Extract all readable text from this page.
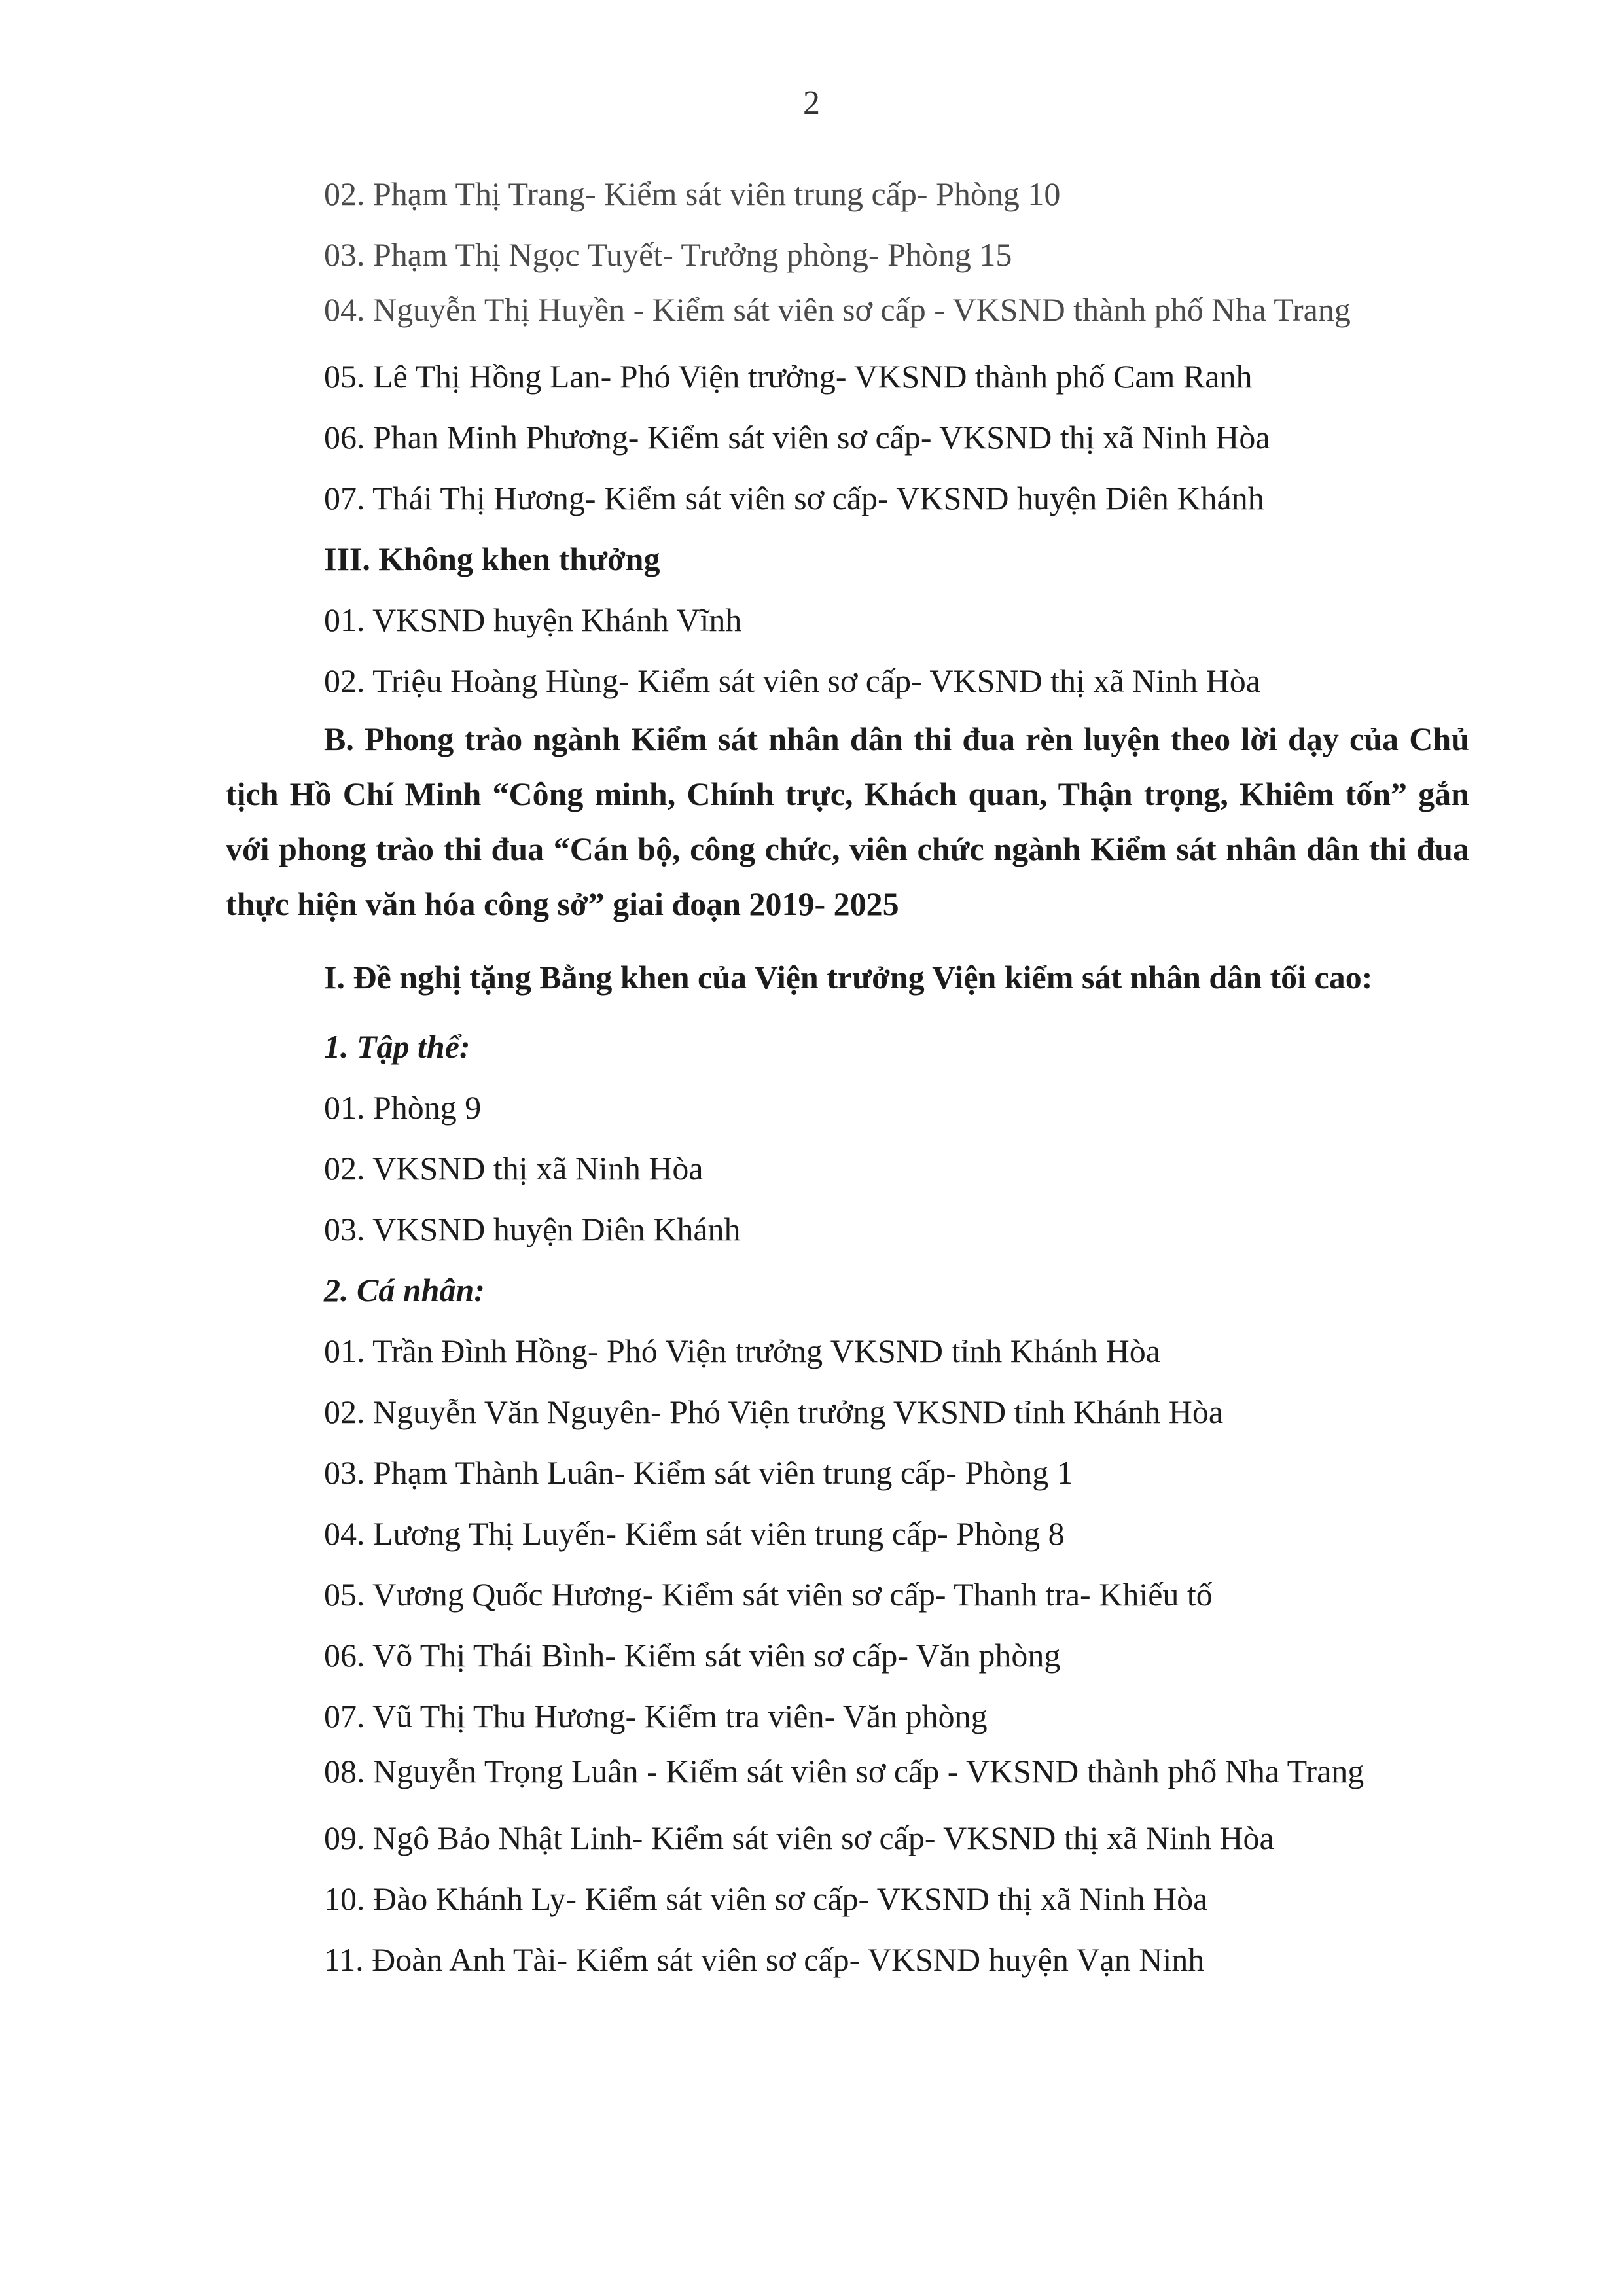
2

02. Phạm Thị Trang- Kiểm sát viên trung cấp- Phòng 10

03. Phạm Thị Ngọc Tuyết- Trưởng phòng- Phòng 15

04. Nguyễn Thị Huyền - Kiểm sát viên sơ cấp - VKSND thành phố Nha Trang

05. Lê Thị Hồng Lan- Phó Viện trưởng- VKSND thành phố Cam Ranh

06. Phan Minh Phương- Kiểm sát viên sơ cấp- VKSND thị xã Ninh Hòa

07. Thái Thị Hương- Kiểm sát viên sơ cấp- VKSND huyện Diên Khánh

III. Không khen thưởng

01. VKSND huyện Khánh Vĩnh

02. Triệu Hoàng Hùng- Kiểm sát viên sơ cấp- VKSND thị xã Ninh Hòa

B. Phong trào ngành Kiểm sát nhân dân thi đua rèn luyện theo lời dạy của Chủ tịch Hồ Chí Minh “Công minh, Chính trực, Khách quan, Thận trọng, Khiêm tốn” gắn với phong trào thi đua “Cán bộ, công chức, viên chức ngành Kiểm sát nhân dân thi đua thực hiện văn hóa công sở” giai đoạn 2019- 2025

I. Đề nghị tặng Bằng khen của Viện trưởng Viện kiểm sát nhân dân tối cao:

1. Tập thể:

01. Phòng 9

02. VKSND thị xã Ninh Hòa

03. VKSND huyện Diên Khánh

2. Cá nhân:

01. Trần Đình Hồng- Phó Viện trưởng VKSND tỉnh Khánh Hòa

02. Nguyễn Văn Nguyên- Phó Viện trưởng VKSND tỉnh Khánh Hòa

03. Phạm Thành Luân- Kiểm sát viên trung cấp- Phòng 1

04. Lương Thị Luyến- Kiểm sát viên trung cấp- Phòng 8

05. Vương Quốc Hương- Kiểm sát viên sơ cấp- Thanh tra- Khiếu tố

06. Võ Thị Thái Bình- Kiểm sát viên sơ cấp- Văn phòng

07. Vũ Thị Thu Hương- Kiểm tra viên- Văn phòng

08. Nguyễn Trọng Luân - Kiểm sát viên sơ cấp - VKSND thành phố Nha Trang

09. Ngô Bảo Nhật Linh- Kiểm sát viên sơ cấp- VKSND thị xã Ninh Hòa

10. Đào Khánh Ly- Kiểm sát viên sơ cấp- VKSND thị xã Ninh Hòa

11. Đoàn Anh Tài- Kiểm sát viên sơ cấp- VKSND huyện Vạn Ninh
